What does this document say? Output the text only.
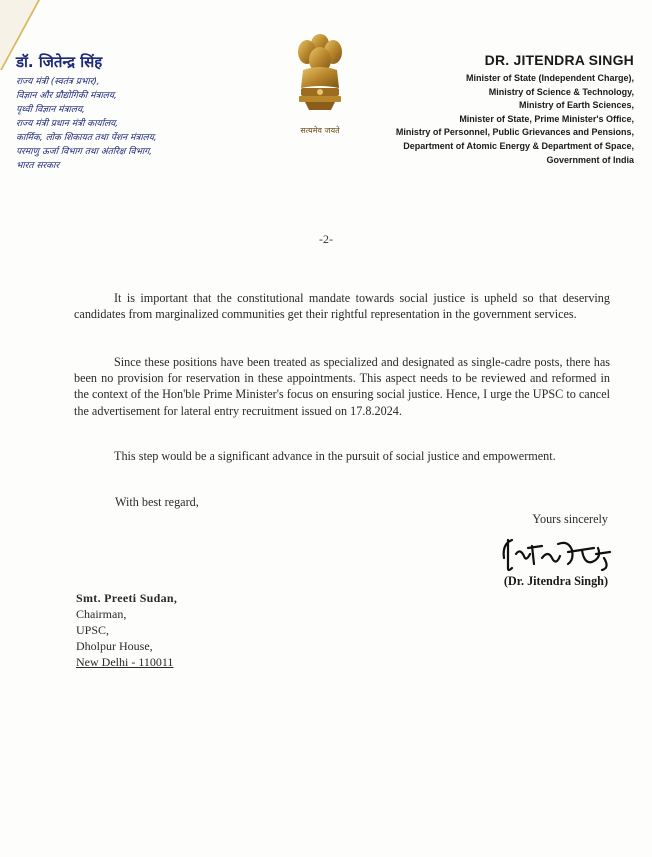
डॉ. जितेन्द्र सिंह
राज्य मंत्री (स्वतंत्र प्रभार),
विज्ञान और प्रौद्योगिकी मंत्रालय,
पृथ्वी विज्ञान मंत्रालय,
राज्य मंत्री प्रधान मंत्री कार्यालय,
कार्मिक, लोक शिकायत तथा पेंशन मंत्रालय,
परमाणु ऊर्जा विभाग तथा अंतरिक्ष विभाग,
भारत सरकार
सत्यमेव जयते
DR. JITENDRA SINGH
Minister of State (Independent Charge),
Ministry of Science & Technology,
Ministry of Earth Sciences,
Minister of State, Prime Minister's Office,
Ministry of Personnel, Public Grievances and Pensions,
Department of Atomic Energy & Department of Space,
Government of India
-2-

It is important that the constitutional mandate towards social justice is upheld so that deserving candidates from marginalized communities get their rightful representation in the government services.

Since these positions have been treated as specialized and designated as single-cadre posts, there has been no provision for reservation in these appointments. This aspect needs to be reviewed and reformed in the context of the Hon'ble Prime Minister's focus on ensuring social justice. Hence, I urge the UPSC to cancel the advertisement for lateral entry recruitment issued on 17.8.2024.

This step would be a significant advance in the pursuit of social justice and empowerment.

With best regard,
Yours sincerely
(Dr. Jitendra Singh)
Smt. Preeti Sudan,
Chairman,
UPSC,
Dholpur House,
New Delhi - 110011
